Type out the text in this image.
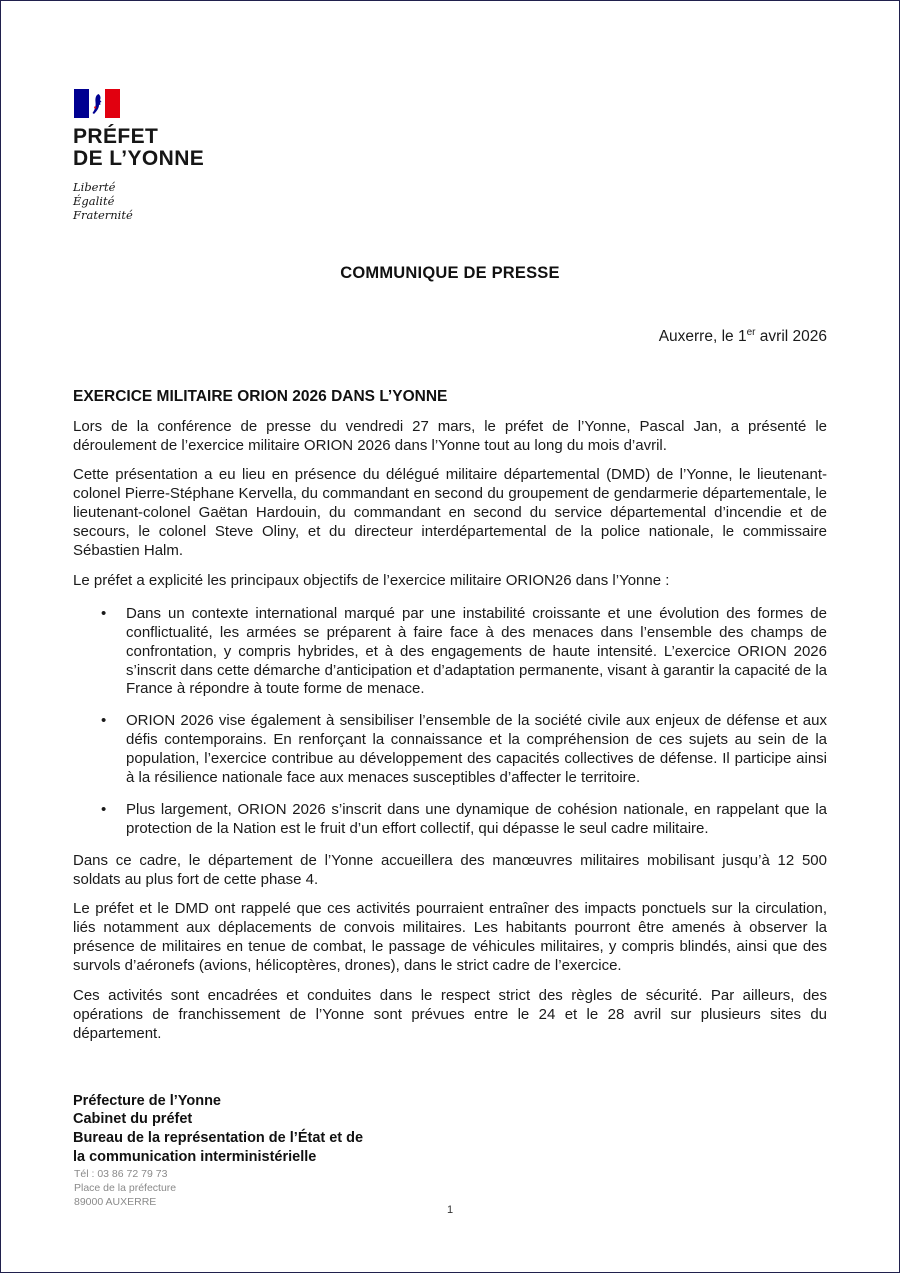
PRÉFET
DE L’YONNE
Liberté
Égalité
Fraternité
COMMUNIQUE DE PRESSE
Auxerre, le 1er avril 2026
EXERCICE MILITAIRE ORION 2026 DANS L’YONNE

Lors de la conférence de presse du vendredi 27 mars, le préfet de l’Yonne, Pascal Jan, a présenté le déroulement de l’exercice militaire ORION 2026 dans l’Yonne tout au long du mois d’avril.

Cette présentation a eu lieu en présence du délégué militaire départemental (DMD) de l’Yonne, le lieutenant-colonel Pierre-Stéphane Kervella, du commandant en second du groupement de gendarmerie départementale, le lieutenant-colonel Gaëtan Hardouin, du commandant en second du service départemental d’incendie et de secours, le colonel Steve Oliny, et du directeur interdépartemental de la police nationale, le commissaire Sébastien Halm.

Le préfet a explicité les principaux objectifs de l’exercice militaire ORION26 dans l’Yonne :

•	Dans un contexte international marqué par une instabilité croissante et une évolution des formes de conflictualité, les armées se préparent à faire face à des menaces dans l’ensemble des champs de confrontation, y compris hybrides, et à des engagements de haute intensité. L’exercice ORION 2026 s’inscrit dans cette démarche d’anticipation et d’adaptation permanente, visant à garantir la capacité de la France à répondre à toute forme de menace.
•	ORION 2026 vise également à sensibiliser l’ensemble de la société civile aux enjeux de défense et aux défis contemporains. En renforçant la connaissance et la compréhension de ces sujets au sein de la population, l’exercice contribue au développement des capacités collectives de défense. Il participe ainsi à la résilience nationale face aux menaces susceptibles d’affecter le territoire.
•	Plus largement, ORION 2026 s’inscrit dans une dynamique de cohésion nationale, en rappelant que la protection de la Nation est le fruit d’un effort collectif, qui dépasse le seul cadre militaire.

Dans ce cadre, le département de l’Yonne accueillera des manœuvres militaires mobilisant jusqu’à 12 500 soldats au plus fort de cette phase 4.

Le préfet et le DMD ont rappelé que ces activités pourraient entraîner des impacts ponctuels sur la circulation, liés notamment aux déplacements de convois militaires. Les habitants pourront être amenés à observer la présence de militaires en tenue de combat, le passage de véhicules militaires, y compris blindés, ainsi que des survols d’aéronefs (avions, hélicoptères, drones), dans le strict cadre de l’exercice.

Ces activités sont encadrées et conduites dans le respect strict des règles de sécurité. Par ailleurs, des opérations de franchissement de l’Yonne sont prévues entre le 24 et le 28 avril sur plusieurs sites du département.

Préfecture de l’Yonne
Cabinet du préfet
Bureau de la représentation de l’État et de
la communication interministérielle
Tél : 03 86 72 79 73
Place de la préfecture
89000 AUXERRE
1
